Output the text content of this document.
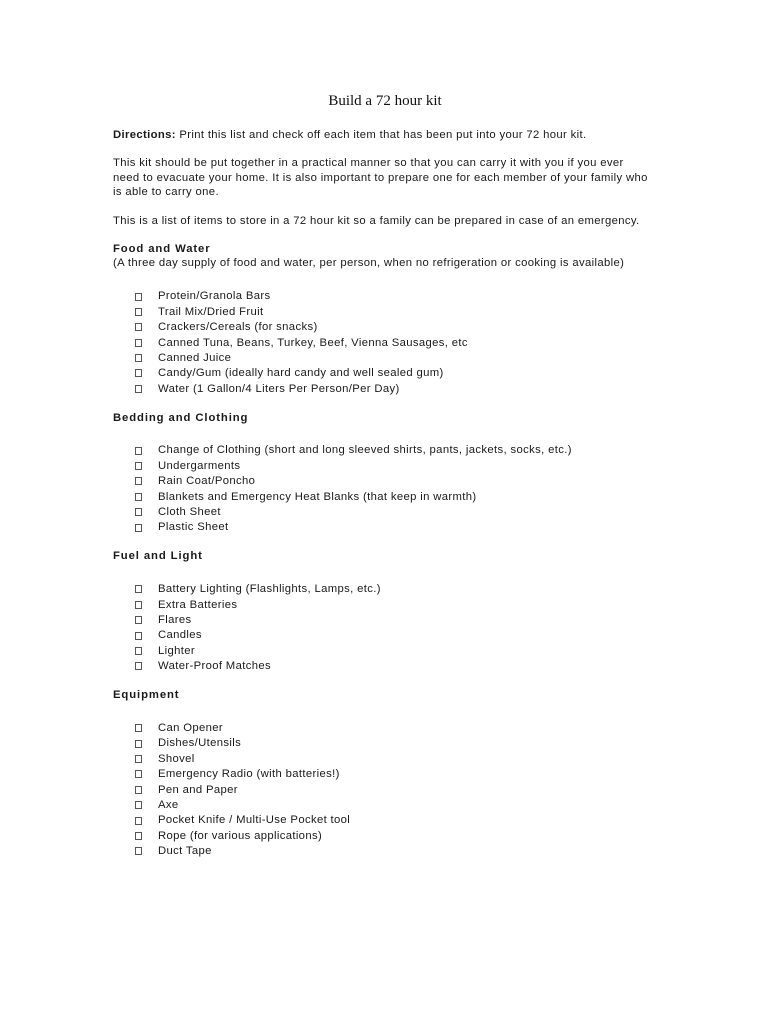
Build a 72 hour kit

Directions: Print this list and check off each item that has been put into your 72 hour kit.

This kit should be put together in a practical manner so that you can carry it with you if you ever need to evacuate your home. It is also important to prepare one for each member of your family who is able to carry one.

This is a list of items to store in a 72 hour kit so a family can be prepared in case of an emergency.

Food and Water

(A three day supply of food and water, per person, when no refrigeration or cooking is available)

Protein/Granola Bars
Trail Mix/Dried Fruit
Crackers/Cereals (for snacks)
Canned Tuna, Beans, Turkey, Beef, Vienna Sausages, etc
Canned Juice
Candy/Gum (ideally hard candy and well sealed gum)
Water (1 Gallon/4 Liters Per Person/Per Day)

Bedding and Clothing

Change of Clothing (short and long sleeved shirts, pants, jackets, socks, etc.)
Undergarments
Rain Coat/Poncho
Blankets and Emergency Heat Blanks (that keep in warmth)
Cloth Sheet
Plastic Sheet

Fuel and Light

Battery Lighting (Flashlights, Lamps, etc.)
Extra Batteries
Flares
Candles
Lighter
Water-Proof Matches

Equipment

Can Opener
Dishes/Utensils
Shovel
Emergency Radio (with batteries!)
Pen and Paper
Axe
Pocket Knife / Multi-Use Pocket tool
Rope (for various applications)
Duct Tape
